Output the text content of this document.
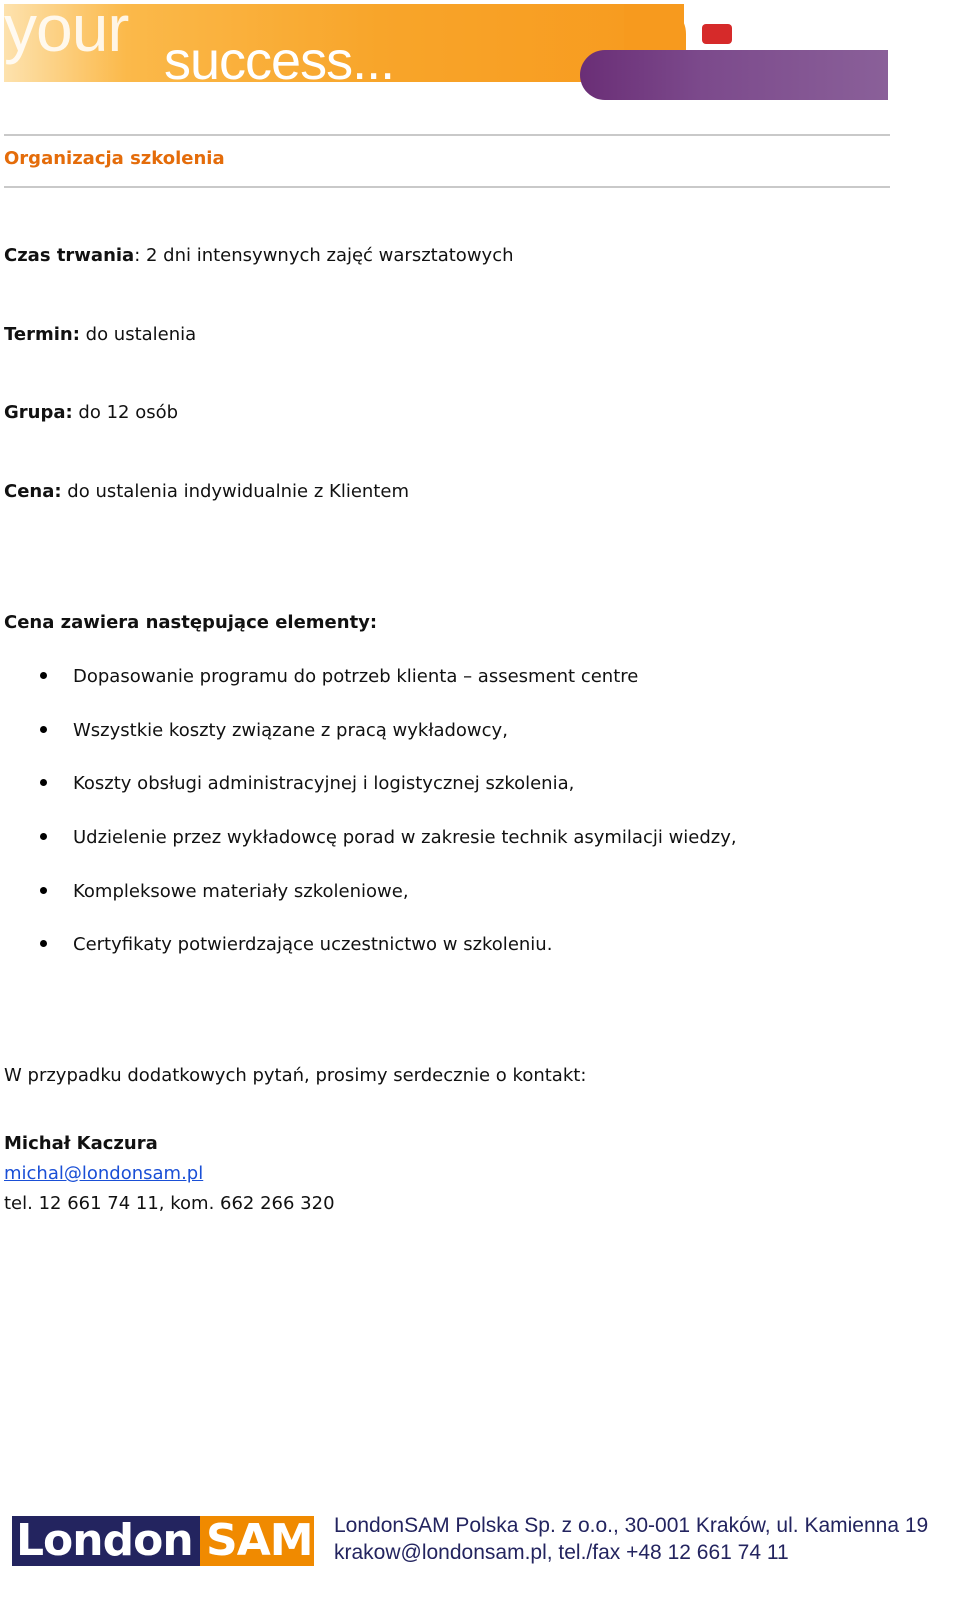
your success...
Organizacja szkolenia
Czas trwania: 2 dni intensywnych zajęć warsztatowych
Termin: do ustalenia
Grupa: do 12 osób
Cena: do ustalenia indywidualnie z Klientem
Cena zawiera następujące elementy:
Dopasowanie programu do potrzeb klienta – assesment centre
Wszystkie koszty związane z pracą wykładowcy,
Koszty obsługi administracyjnej i logistycznej szkolenia,
Udzielenie przez wykładowcę porad w zakresie technik asymilacji wiedzy,
Kompleksowe materiały szkoleniowe,
Certyfikaty potwierdzające uczestnictwo w szkoleniu.
W przypadku dodatkowych pytań, prosimy serdecznie o kontakt:
Michał Kaczura
michal@londonsam.pl
tel. 12 661 74 11, kom. 662 266 320
London SAM LondonSAM Polska Sp. z o.o., 30-001 Kraków, ul. Kamienna 19
krakow@londonsam.pl, tel./fax +48 12 661 74 11
